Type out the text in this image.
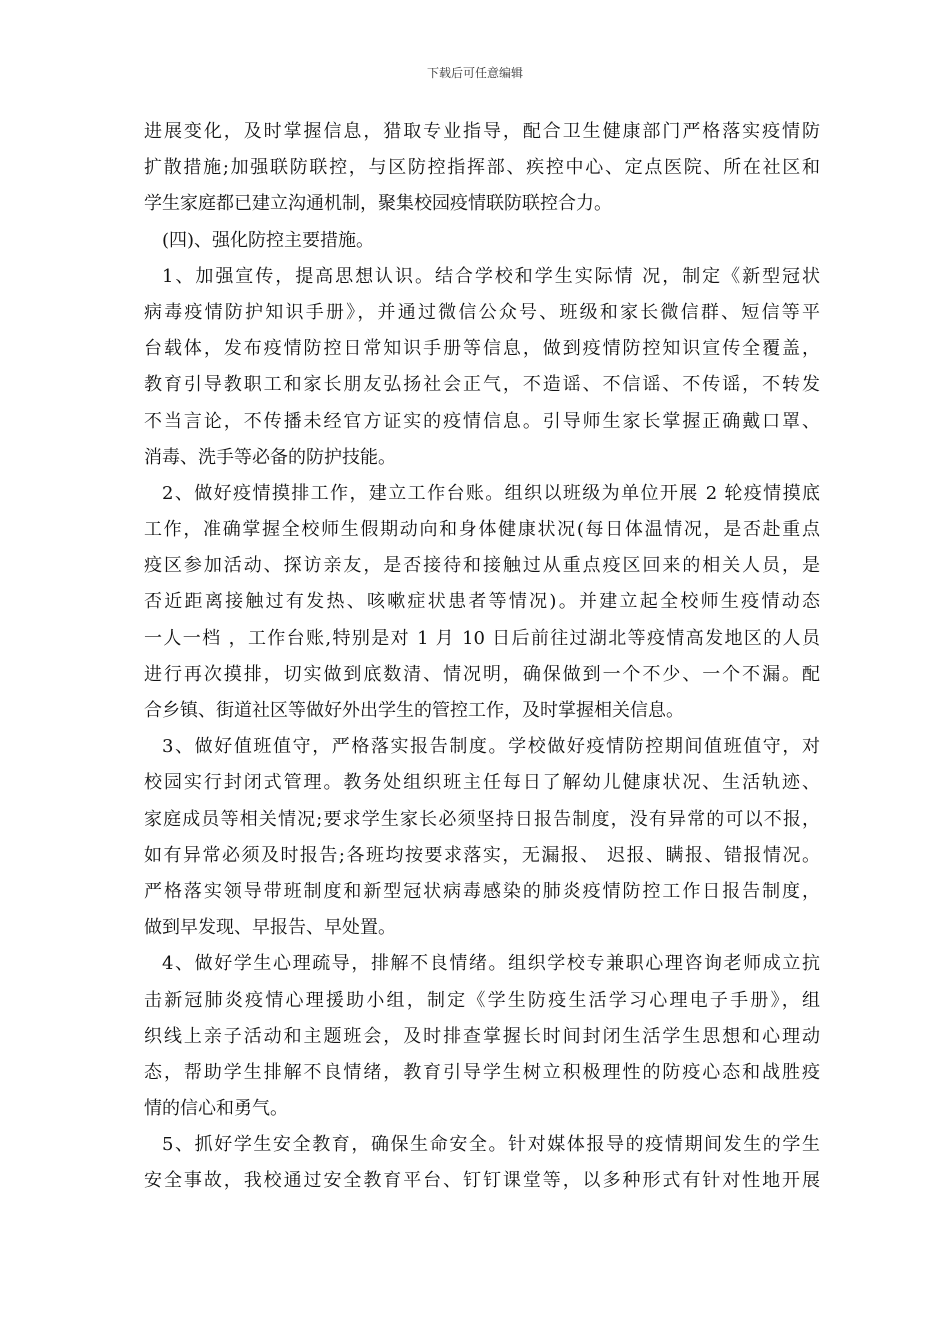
下载后可任意编辑
进展变化，及时掌握信息，猎取专业指导，配合卫生健康部门严格落实疫情防
扩散措施;加强联防联控，与区防控指挥部、疾控中心、定点医院、所在社区和
学生家庭都已建立沟通机制，聚集校园疫情联防联控合力。
(四)、强化防控主要措施。
1、加强宣传，提高思想认识。结合学校和学生实际情 况，制定《新型冠状
病毒疫情防护知识手册》，并通过微信公众号、班级和家长微信群、短信等平
台载体，发布疫情防控日常知识手册等信息，做到疫情防控知识宣传全覆盖，
教育引导教职工和家长朋友弘扬社会正气，不造谣、不信谣、不传谣，不转发
不当言论，不传播未经官方证实的疫情信息。引导师生家长掌握正确戴口罩、
消毒、洗手等必备的防护技能。
2、做好疫情摸排工作，建立工作台账。组织以班级为单位开展 2 轮疫情摸底
工作，准确掌握全校师生假期动向和身体健康状况(每日体温情况，是否赴重点
疫区参加活动、探访亲友，是否接待和接触过从重点疫区回来的相关人员，是
否近距离接触过有发热、咳嗽症状患者等情况)。并建立起全校师生疫情动态
一人一档 ，工作台账,特别是对 1 月 10 日后前往过湖北等疫情高发地区的人员
进行再次摸排，切实做到底数清、情况明，确保做到一个不少、一个不漏。配
合乡镇、街道社区等做好外出学生的管控工作，及时掌握相关信息。
3、做好值班值守，严格落实报告制度。学校做好疫情防控期间值班值守，对
校园实行封闭式管理。教务处组织班主任每日了解幼儿健康状况、生活轨迹、
家庭成员等相关情况;要求学生家长必须坚持日报告制度，没有异常的可以不报，
如有异常必须及时报告;各班均按要求落实，无漏报、 迟报、瞒报、错报情况。
严格落实领导带班制度和新型冠状病毒感染的肺炎疫情防控工作日报告制度，
做到早发现、早报告、早处置。
4、做好学生心理疏导，排解不良情绪。组织学校专兼职心理咨询老师成立抗
击新冠肺炎疫情心理援助小组，制定《学生防疫生活学习心理电子手册》，组
织线上亲子活动和主题班会，及时排查掌握长时间封闭生活学生思想和心理动
态，帮助学生排解不良情绪，教育引导学生树立积极理性的防疫心态和战胜疫
情的信心和勇气。
5、抓好学生安全教育，确保生命安全。针对媒体报导的疫情期间发生的学生
安全事故，我校通过安全教育平台、钉钉课堂等，以多种形式有针对性地开展
